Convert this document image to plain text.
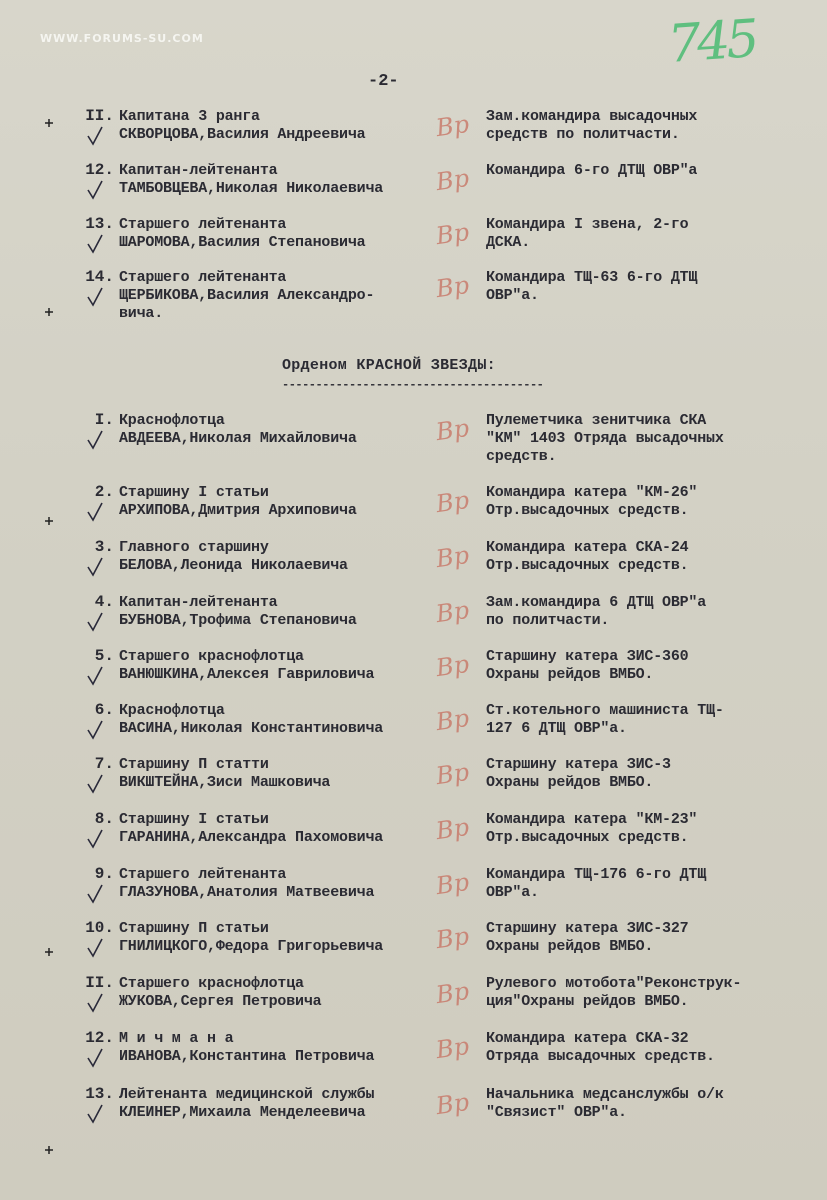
WWW.FORUMS-SU.COM	745
-2-
II. Капитана 3 ранга
СКВОРЦОВА,Василия Андреевича
Зам.командира высадочных
средств по политчасти.
Вр
12. Капитан-лейтенанта
ТАМБОВЦЕВА,Николая Николаевича
Командира 6-го ДТЩ ОВР"а
Вр
13. Старшего лейтенанта
ШАРОМОВА,Василия Степановича
Командира I звена, 2-го
ДСКА.
Вр
14. Старшего лейтенанта
ЩЕРБИКОВА,Василия Александро-
вича.
Командира ТЩ-63 6-го ДТЩ
ОВР"а.
Вр
Орденом КРАСНОЙ ЗВЕЗДЫ:
---------------------------------------
I. Краснофлотца
АВДЕЕВА,Николая Михайловича
Пулеметчика зенитчика СКА
"КМ" 1403 Отряда высадочных
средств.
Вр
2. Старшину I статьи
АРХИПОВА,Дмитрия Архиповича
Командира катера "КМ-26"
Отр.высадочных средств.
Вр
3. Главного старшину
БЕЛОВА,Леонида Николаевича
Командира катера СКА-24
Отр.высадочных средств.
Вр
4. Капитан-лейтенанта
БУБНОВА,Трофима Степановича
Зам.командира 6 ДТЩ ОВР"а
по политчасти.
Вр
5. Старшего краснофлотца
ВАНЮШКИНА,Алексея Гавриловича
Старшину катера ЗИС-360
Охраны рейдов ВМБО.
Вр
6. Краснофлотца
ВАСИНА,Николая Константиновича
Ст.котельного машиниста ТЩ-
127 6 ДТЩ ОВР"а.
Вр
7. Старшину П статти
ВИКШТЕЙНА,Зиси Машковича
Старшину катера ЗИС-3
Охраны рейдов ВМБО.
Вр
8. Старшину I статьи
ГАРАНИНА,Александра Пахомовича
Командира катера "КМ-23"
Отр.высадочных средств.
Вр
9. Старшего лейтенанта
ГЛАЗУНОВА,Анатолия Матвеевича
Командира ТЩ-176 6-го ДТЩ
ОВР"а.
Вр
10. Старшину П статьи
ГНИЛИЦКОГО,Федора Григорьевича
Старшину катера ЗИС-327
Охраны рейдов ВМБО.
Вр
II. Старшего краснофлотца
ЖУКОВА,Сергея Петровича
Рулевого мотобота"Реконструк-
ция"Охраны рейдов ВМБО.
Вр
12. М и ч м а н а
ИВАНОВА,Константина Петровича
Командира катера СКА-32
Отряда высадочных средств.
Вр
13. Лейтенанта медицинской службы
КЛЕИНЕР,Михаила Менделеевича
Начальника медсанслужбы о/к
"Связист" ОВР"а.
Вр
